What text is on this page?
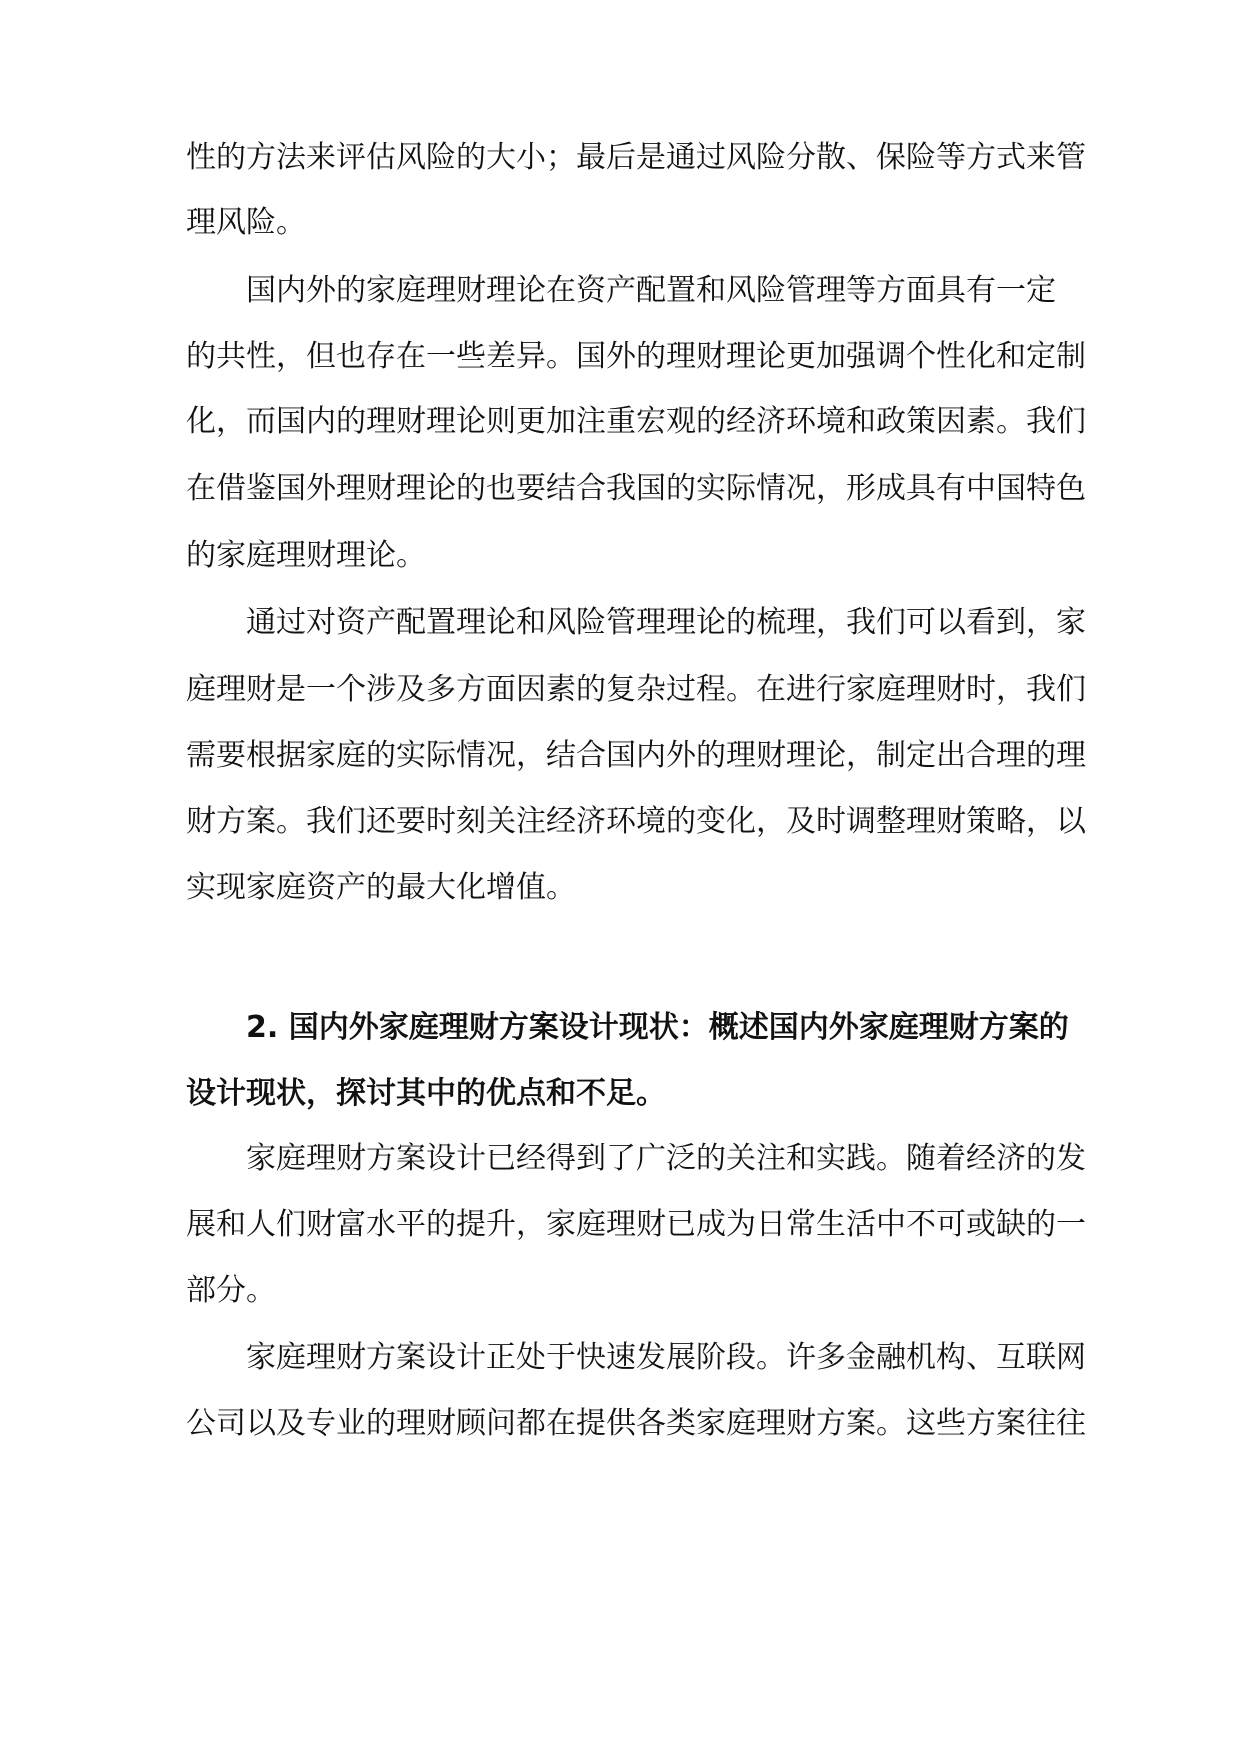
性的方法来评估风险的大小；最后是通过风险分散、保险等方式来管
理风险。
国内外的家庭理财理论在资产配置和风险管理等方面具有一定
的共性，但也存在一些差异。国外的理财理论更加强调个性化和定制
化，而国内的理财理论则更加注重宏观的经济环境和政策因素。我们
在借鉴国外理财理论的也要结合我国的实际情况，形成具有中国特色
的家庭理财理论。
通过对资产配置理论和风险管理理论的梳理，我们可以看到，家
庭理财是一个涉及多方面因素的复杂过程。在进行家庭理财时，我们
需要根据家庭的实际情况，结合国内外的理财理论，制定出合理的理
财方案。我们还要时刻关注经济环境的变化，及时调整理财策略，以
实现家庭资产的最大化增值。
2. 国内外家庭理财方案设计现状：概述国内外家庭理财方案的
设计现状，探讨其中的优点和不足。
家庭理财方案设计已经得到了广泛的关注和实践。随着经济的发
展和人们财富水平的提升，家庭理财已成为日常生活中不可或缺的一
部分。
家庭理财方案设计正处于快速发展阶段。许多金融机构、互联网
公司以及专业的理财顾问都在提供各类家庭理财方案。这些方案往往
